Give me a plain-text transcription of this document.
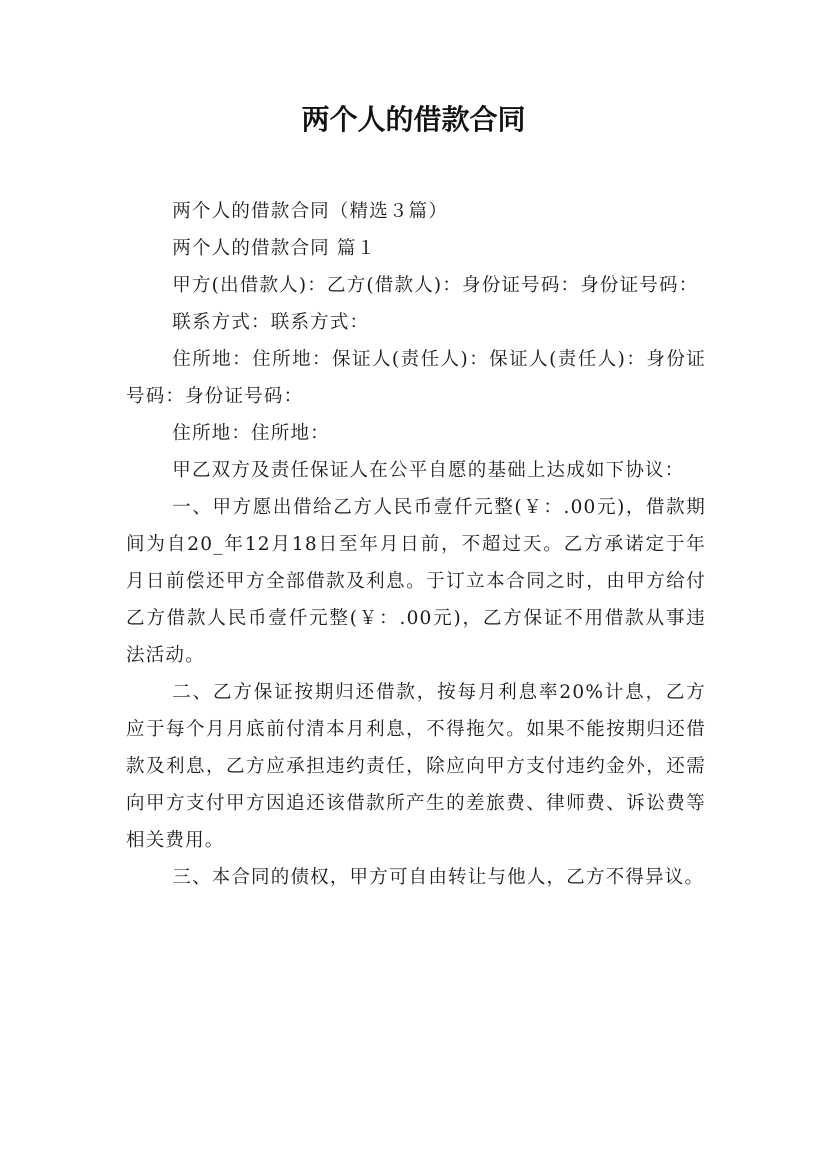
两个人的借款合同

两个人的借款合同（精选３篇）

两个人的借款合同 篇１

甲方(出借款人)：乙方(借款人)：身份证号码：身份证号码：

联系方式：联系方式：

住所地：住所地：保证人(责任人)：保证人(责任人)：身份证号码：身份证号码：

住所地：住所地：

甲乙双方及责任保证人在公平自愿的基础上达成如下协议：

一、甲方愿出借给乙方人民币壹仟元整(￥：.00元)，借款期间为自20_年12月18日至年月日前，不超过天。乙方承诺定于年月日前偿还甲方全部借款及利息。于订立本合同之时，由甲方给付乙方借款人民币壹仟元整(￥：.00元)，乙方保证不用借款从事违法活动。

二、乙方保证按期归还借款，按每月利息率20%计息，乙方应于每个月月底前付清本月利息，不得拖欠。如果不能按期归还借款及利息，乙方应承担违约责任，除应向甲方支付违约金外，还需向甲方支付甲方因追还该借款所产生的差旅费、律师费、诉讼费等相关费用。

三、本合同的债权，甲方可自由转让与他人，乙方不得异议。
